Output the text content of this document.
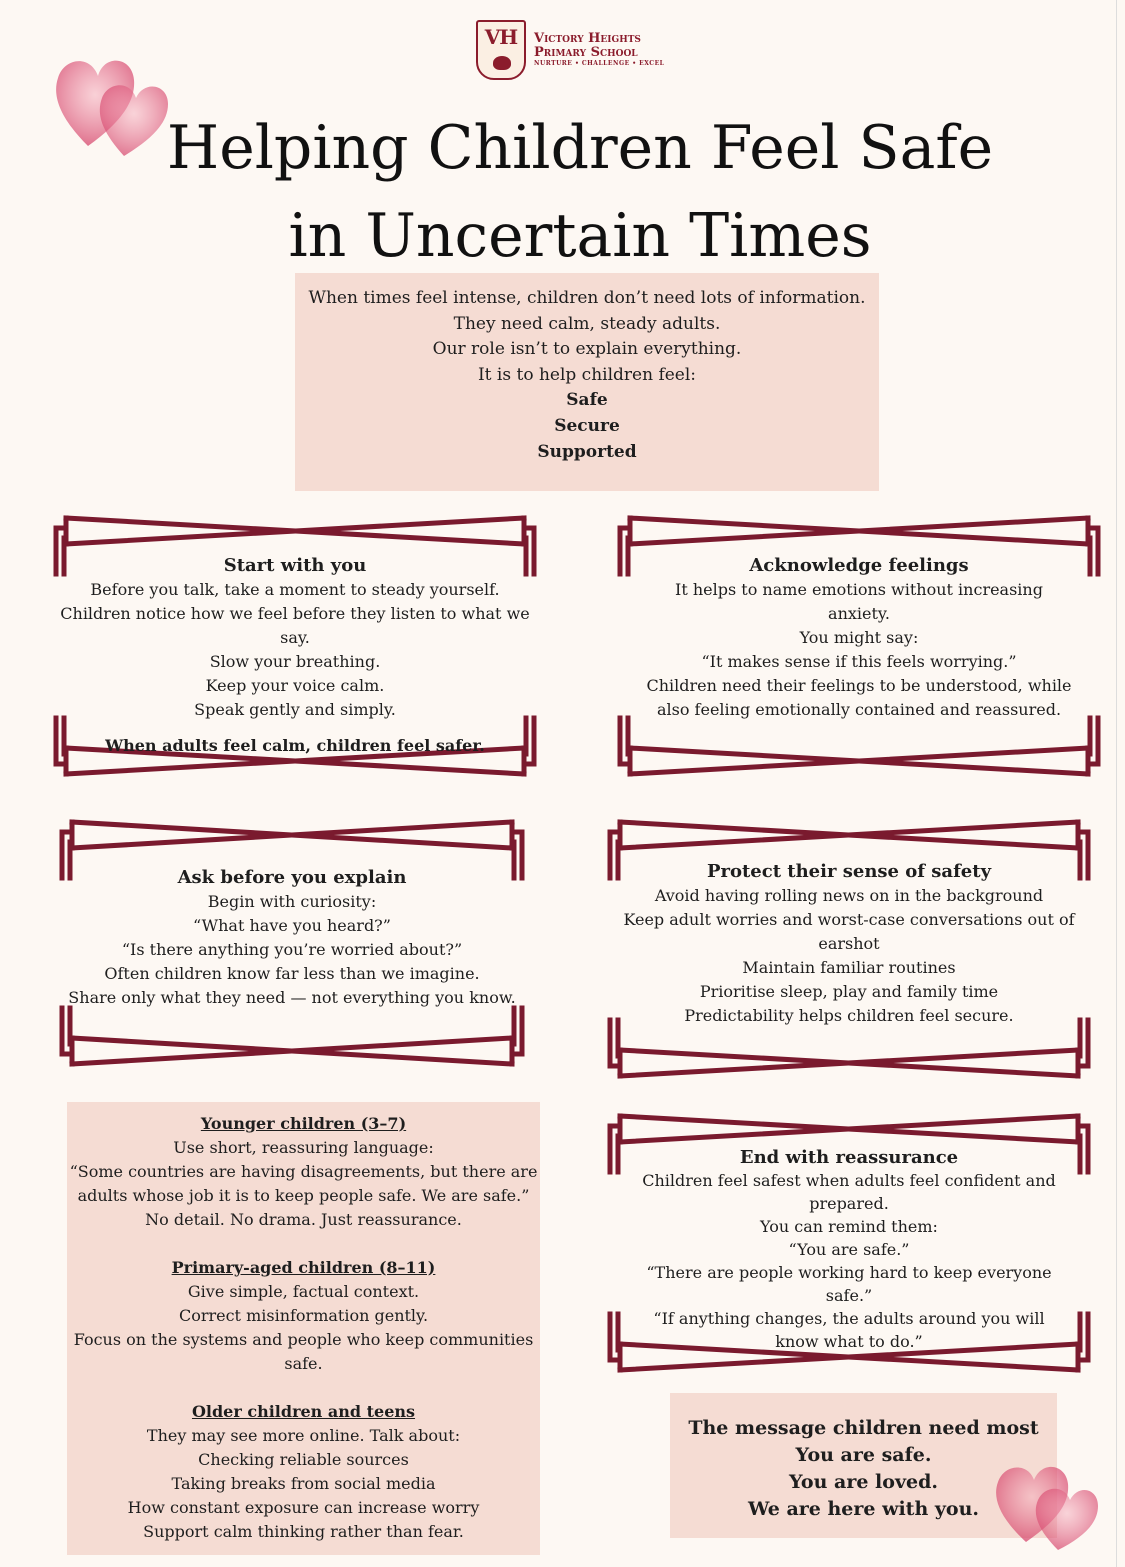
VH	Victory Heights
Primary School
NURTURE • CHALLENGE • EXCEL
Helping Children Feel Safe
in Uncertain Times
When times feel intense, children don’t need lots of information.
They need calm, steady adults.
Our role isn’t to explain everything.
It is to help children feel:
Safe
Secure
Supported
Start with you
Before you talk, take a moment to steady yourself.
Children notice how we feel before they listen to what we say.
Slow your breathing.
Keep your voice calm.
Speak gently and simply.
When adults feel calm, children feel safer.
Acknowledge feelings
It helps to name emotions without increasing
anxiety.
You might say:
“It makes sense if this feels worrying.”
Children need their feelings to be understood, while
also feeling emotionally contained and reassured.
Ask before you explain
Begin with curiosity:
“What have you heard?”
“Is there anything you’re worried about?”
Often children know far less than we imagine.
Share only what they need — not everything you know.
Protect their sense of safety
Avoid having rolling news on in the background
Keep adult worries and worst-case conversations out of
earshot
Maintain familiar routines
Prioritise sleep, play and family time
Predictability helps children feel secure.
Younger children (3–7)
Use short, reassuring language:
“Some countries are having disagreements, but there are
adults whose job it is to keep people safe. We are safe.”
No detail. No drama. Just reassurance.
Primary-aged children (8–11)
Give simple, factual context.
Correct misinformation gently.
Focus on the systems and people who keep communities
safe.
Older children and teens
They may see more online. Talk about:
Checking reliable sources
Taking breaks from social media
How constant exposure can increase worry
Support calm thinking rather than fear.
End with reassurance
Children feel safest when adults feel confident and
prepared.
You can remind them:
“You are safe.”
“There are people working hard to keep everyone
safe.”
“If anything changes, the adults around you will
know what to do.”
The message children need most
You are safe.
You are loved.
We are here with you.
